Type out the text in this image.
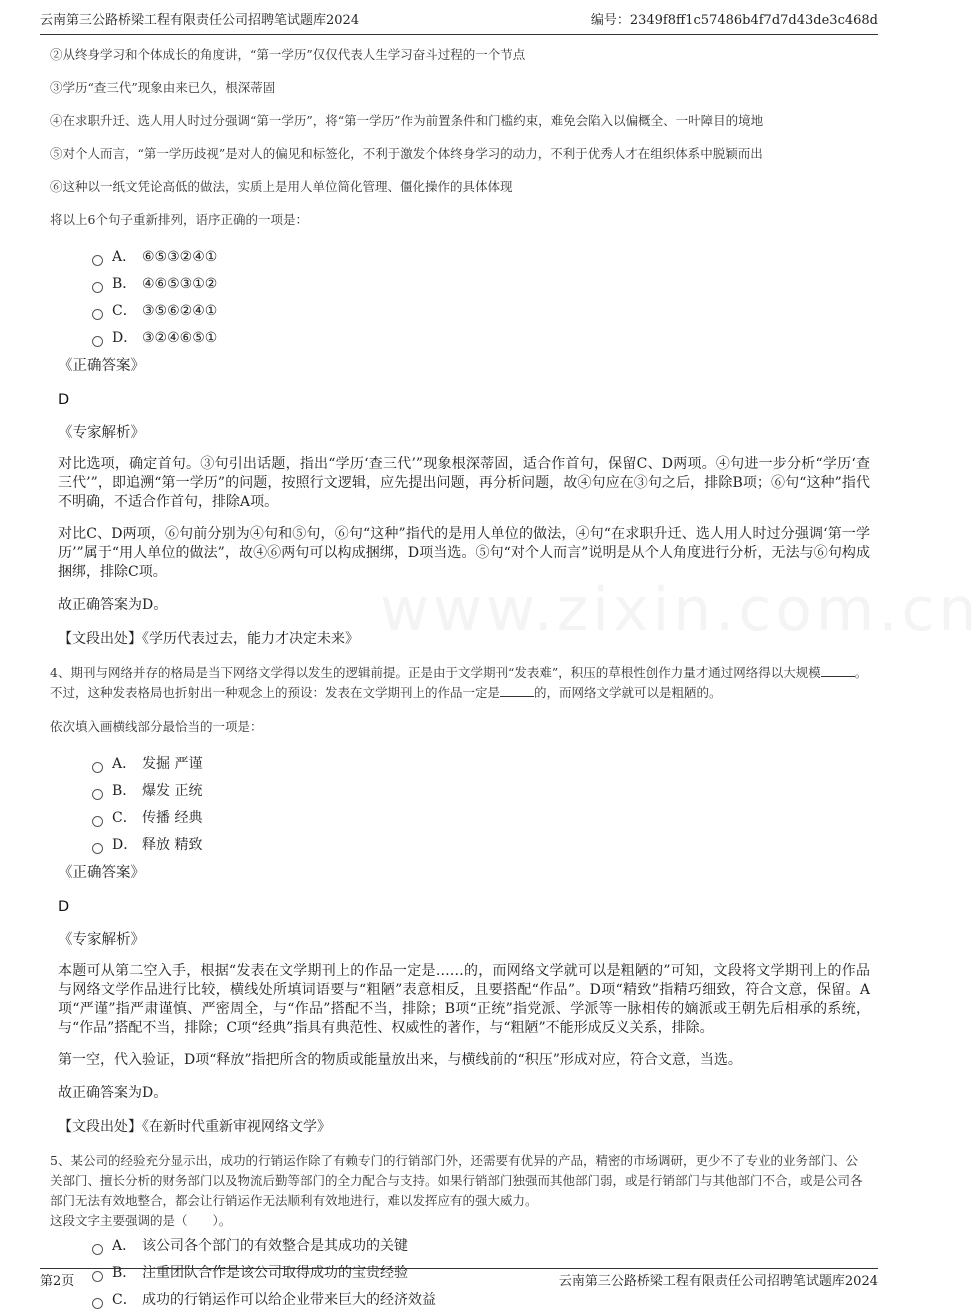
云南第三公路桥梁工程有限责任公司招聘笔试题库2024	编号：2349f8ff1c57486b4f7d7d43de3c468d
www.zixin.com.cn

②从终身学习和个体成长的角度讲，“第一学历”仅仅代表人生学习奋斗过程的一个节点

③学历“查三代”现象由来已久，根深蒂固

④在求职升迁、选人用人时过分强调“第一学历”，将“第一学历”作为前置条件和门槛约束，难免会陷入以偏概全、一叶障目的境地

⑤对个人而言，“第一学历歧视”是对人的偏见和标签化，不利于激发个体终身学习的动力，不利于优秀人才在组织体系中脱颖而出

⑥这种以一纸文凭论高低的做法，实质上是用人单位简化管理、僵化操作的具体体现

将以上6个句子重新排列，语序正确的一项是：

A． ⑥⑤③②④①
B． ④⑥⑤③①②
C． ③⑤⑥②④①
D． ③②④⑥⑤①

《正确答案》

D

《专家解析》

对比选项，确定首句。③句引出话题，指出“学历‘查三代’”现象根深蒂固，适合作首句，保留C、D两项。④句进一步分析“学历‘查三代’”，即追溯“第一学历”的问题，按照行文逻辑，应先提出问题，再分析问题，故④句应在③句之后，排除B项；⑥句“这种”指代不明确，不适合作首句，排除A项。

对比C、D两项，⑥句前分别为④句和⑤句，⑥句“这种”指代的是用人单位的做法，④句“在求职升迁、选人用人时过分强调‘第一学历’”属于“用人单位的做法”，故④⑥两句可以构成捆绑，D项当选。⑤句“对个人而言”说明是从个人角度进行分析，无法与⑥句构成捆绑，排除C项。

故正确答案为D。

【文段出处】《学历代表过去，能力才决定未来》

4、期刊与网络并存的格局是当下网络文学得以发生的逻辑前提。正是由于文学期刊“发表难”，积压的草根性创作力量才通过网络得以大规模	。不过，这种发表格局也折射出一种观念上的预设：发表在文学期刊上的作品一定是	的，而网络文学就可以是粗陋的。

依次填入画横线部分最恰当的一项是：

A． 发掘 严谨
B． 爆发 正统
C． 传播 经典
D． 释放 精致

《正确答案》

D

《专家解析》

本题可从第二空入手，根据“发表在文学期刊上的作品一定是……的，而网络文学就可以是粗陋的”可知，文段将文学期刊上的作品与网络文学作品进行比较，横线处所填词语要与“粗陋”表意相反，且要搭配“作品”。D项“精致”指精巧细致，符合文意，保留。A项“严谨”指严肃谨慎、严密周全，与“作品”搭配不当，排除；B项“正统”指党派、学派等一脉相传的嫡派或王朝先后相承的系统，与“作品”搭配不当，排除；C项“经典”指具有典范性、权威性的著作，与“粗陋”不能形成反义关系，排除。

第一空，代入验证，D项“释放”指把所含的物质或能量放出来，与横线前的“积压”形成对应，符合文意，当选。

故正确答案为D。

【文段出处】《在新时代重新审视网络文学》

5、某公司的经验充分显示出，成功的行销运作除了有赖专门的行销部门外，还需要有优异的产品，精密的市场调研，更少不了专业的业务部门、公关部门、擅长分析的财务部门以及物流后勤等部门的全力配合与支持。如果行销部门独强而其他部门弱，或是行销部门与其他部门不合，或是公司各部门无法有效地整合，都会让行销运作无法顺利有效地进行，难以发挥应有的强大威力。

这段文字主要强调的是（　　）。

A． 该公司各个部门的有效整合是其成功的关键
B． 注重团队合作是该公司取得成功的宝贵经验
C． 成功的行销运作可以给企业带来巨大的经济效益
第2页	云南第三公路桥梁工程有限责任公司招聘笔试题库2024
